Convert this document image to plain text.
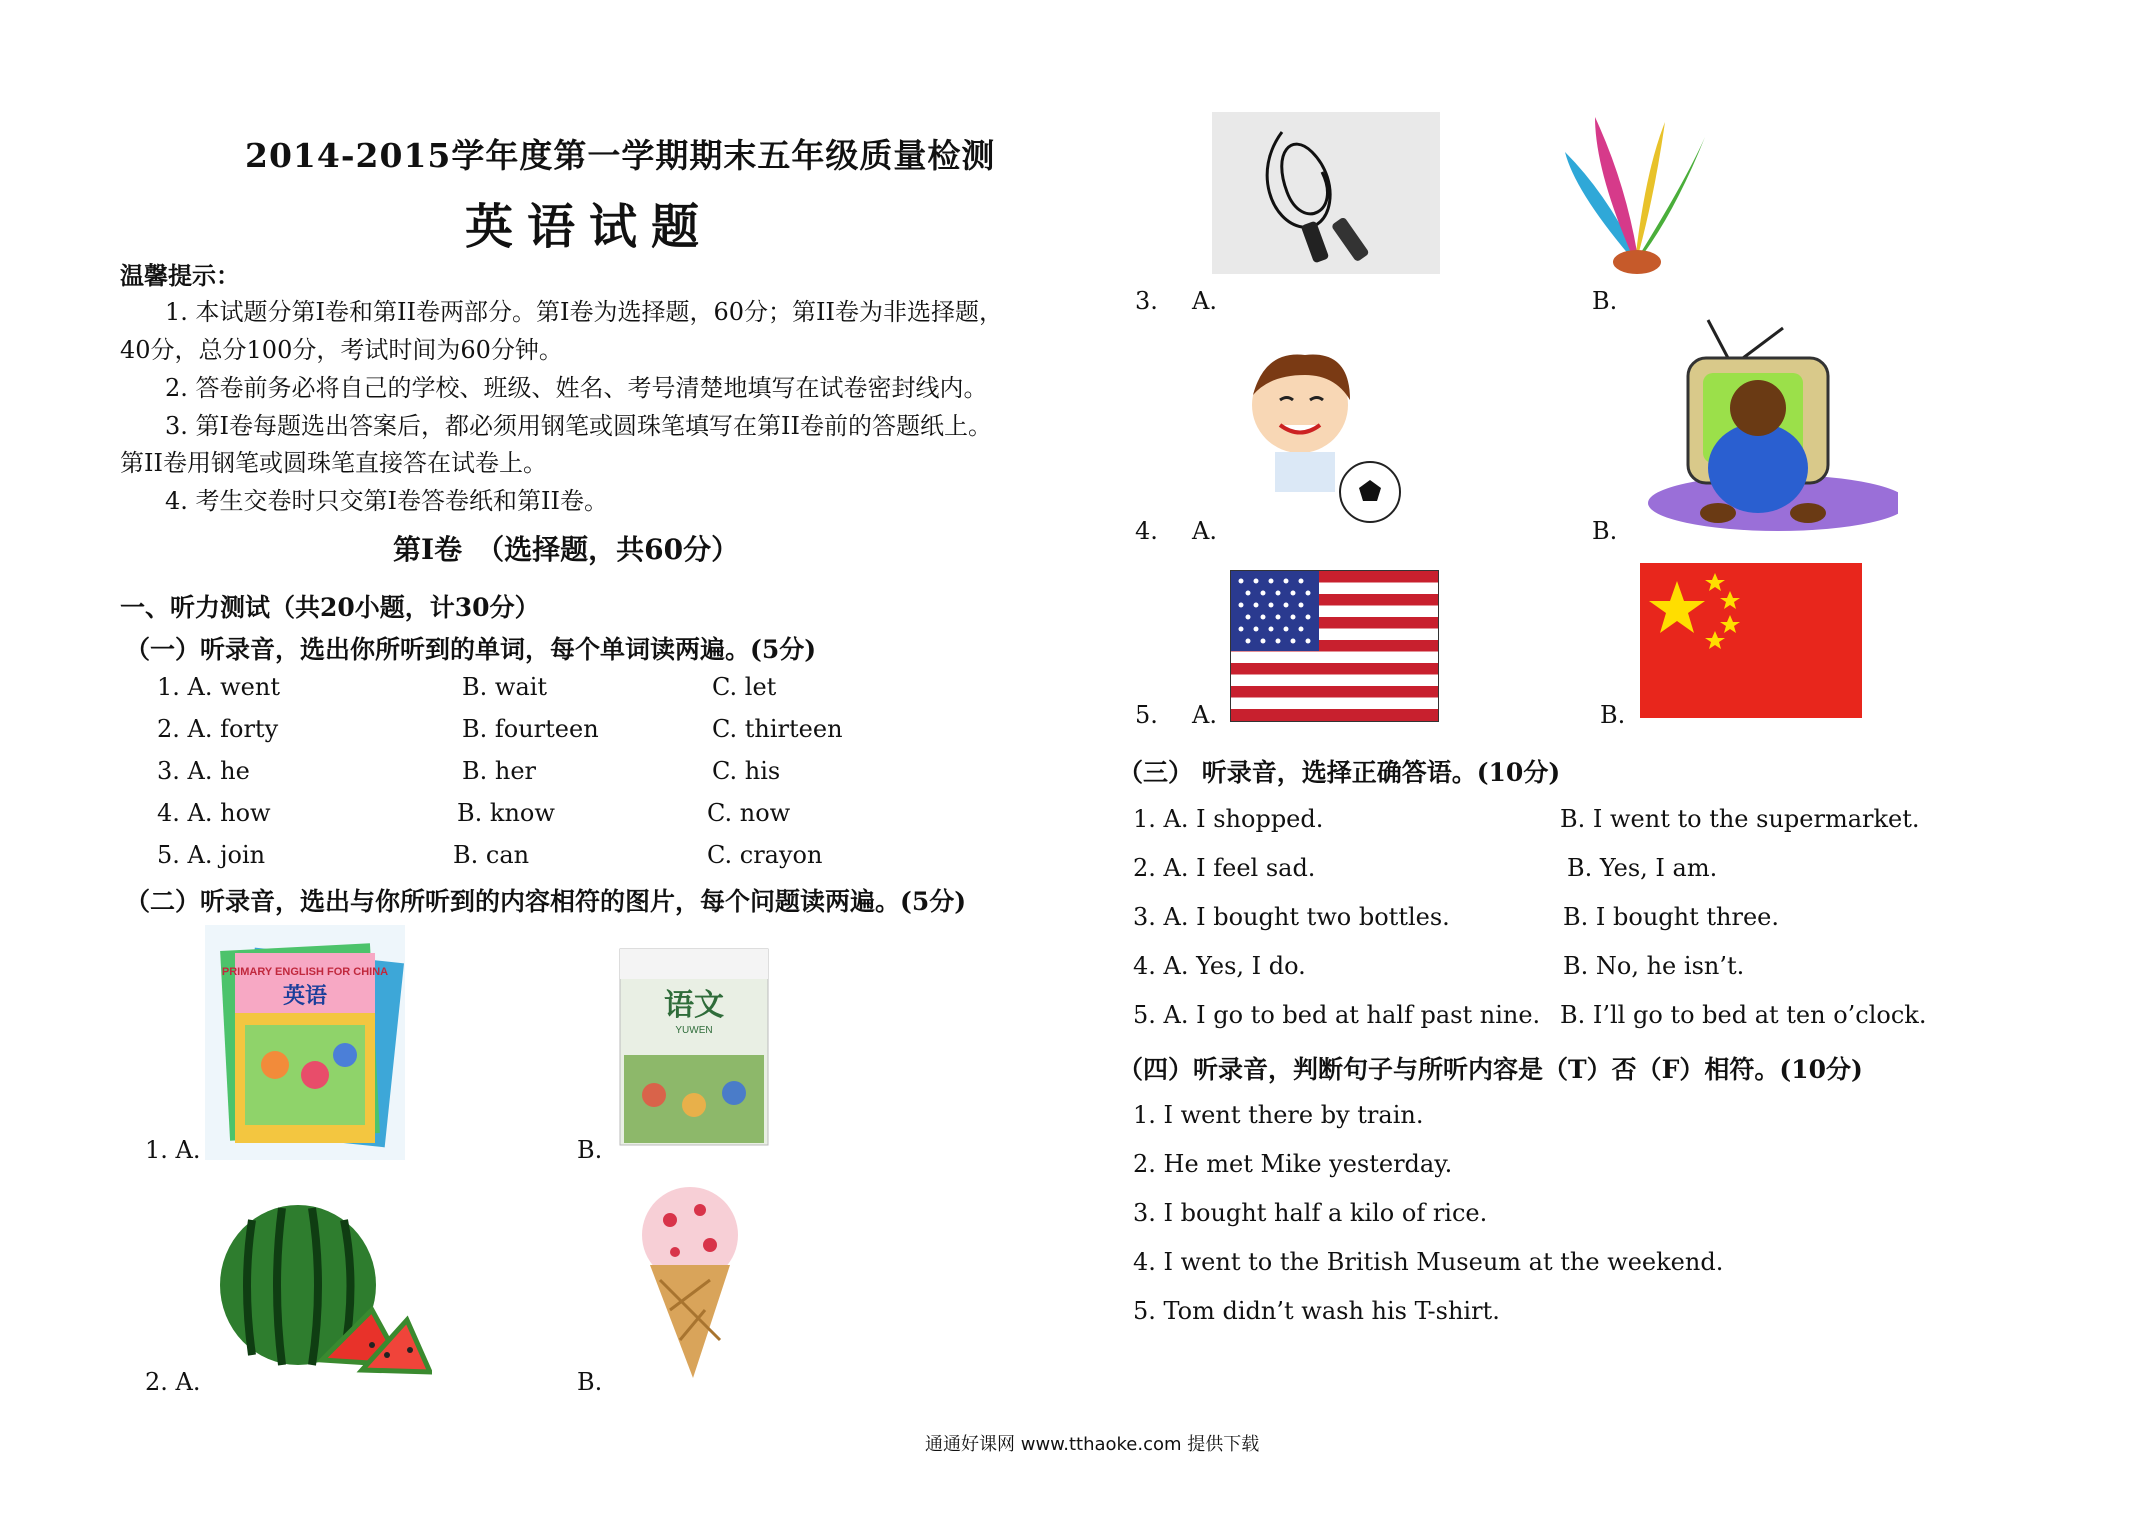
2014-2015学年度第一学期期末五年级质量检测
英语试题
温馨提示：
1. 本试题分第Ⅰ卷和第II卷两部分。第Ⅰ卷为选择题，60分；第II卷为非选择题，
40分，总分100分，考试时间为60分钟。
2. 答卷前务必将自己的学校、班级、姓名、考号清楚地填写在试卷密封线内。
3. 第Ⅰ卷每题选出答案后，都必须用钢笔或圆珠笔填写在第II卷前的答题纸上。
第II卷用钢笔或圆珠笔直接答在试卷上。
4. 考生交卷时只交第Ⅰ卷答卷纸和第II卷。
第Ⅰ卷　（选择题，共60分）
一、听力测试（共20小题，计30分）
（一）听录音，选出你所听到的单词，每个单词读两遍。(5分)
1. A. went	B. wait	C. let
2. A. forty	B. fourteen	C. thirteen
3. A. he	B. her	C. his
4. A. how	B. know	C. now
5. A. join	B. can	C. crayon
（二）听录音，选出与你所听到的内容相符的图片，每个问题读两遍。(5分)
PRIMARY ENGLISH FOR CHINA
英语
1. A.
语文
YUWEN
B.
2. A.	B.
3. A.	B.
4. A.	B.
5. A.	B.
（三） 听录音，选择正确答语。(10分)
1. A. I shopped.	B. I went to the supermarket.
2. A. I feel sad.	B. Yes, I am.
3. A. I bought two bottles.	B. I bought three.
4. A. Yes, I do.	B. No, he isn’t.
5. A. I go to bed at half past nine. B. I’ll go to bed at ten o’clock.
（四）听录音，判断句子与所听内容是（T）否（F）相符。(10分)
1. I went there by train.
2. He met Mike yesterday.
3. I bought half a kilo of rice.
4. I went to the British Museum at the weekend.
5. Tom didn’t wash his T-shirt.
通通好课网 www.tthaoke.com 提供下载
